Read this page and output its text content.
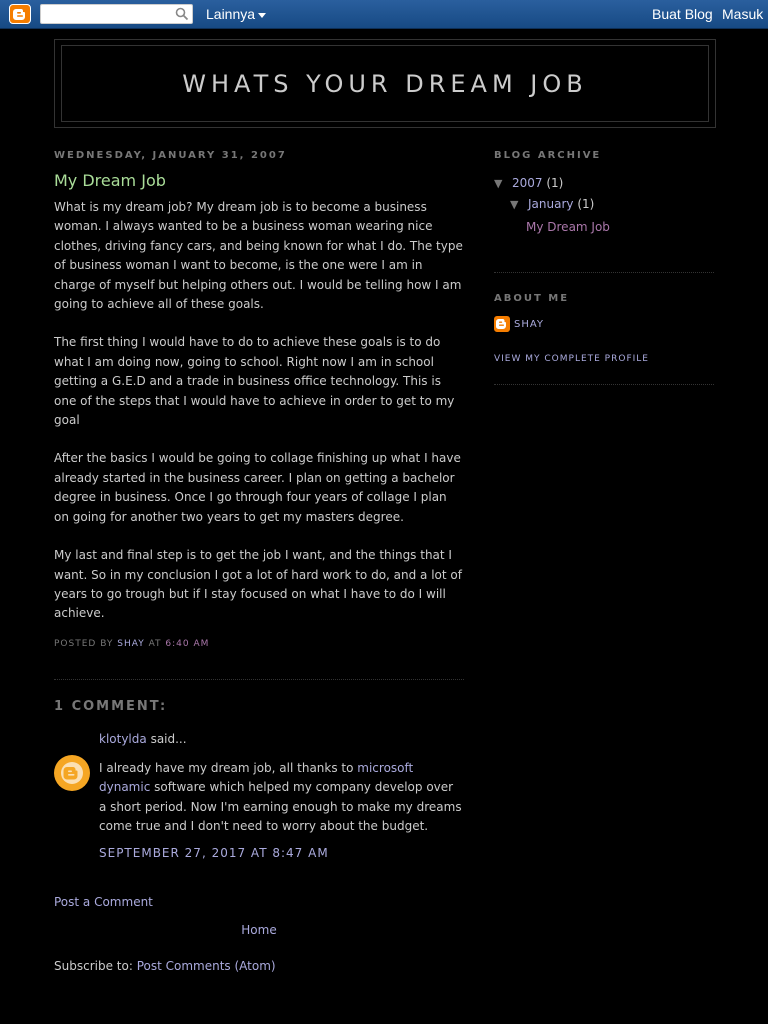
Lainnya	Buat Blog Masuk
WHATS YOUR DREAM JOB
WEDNESDAY, JANUARY 31, 2007
My Dream Job

What is my dream job? My dream job is to become a business woman. I always wanted to be a business woman wearing nice clothes, driving fancy cars, and being known for what I do. The type of business woman I want to become, is the one were I am in charge of myself but helping others out. I would be telling how I am going to achieve all of these goals.

The first thing I would have to do to achieve these goals is to do what I am doing now, going to school. Right now I am in school getting a G.E.D and a trade in business office technology. This is one of the steps that I would have to achieve in order to get to my goal

After the basics I would be going to collage finishing up what I have already started in the business career. I plan on getting a bachelor degree in business. Once I go through four years of collage I plan on going for another two years to get my masters degree.

My last and final step is to get the job I want, and the things that I want. So in my conclusion I got a lot of hard work to do, and a lot of years to go trough but if I stay focused on what I have to do I will achieve.

POSTED BY SHAY AT 6:40 AM
1 COMMENT:
klotylda said...
I already have my dream job, all thanks to microsoft dynamic software which helped my company develop over a short period. Now I'm earning enough to make my dreams come true and I don't need to worry about the budget.
SEPTEMBER 27, 2017 AT 8:47 AM
Post a Comment
Home
Subscribe to: Post Comments (Atom)
BLOG ARCHIVE
▼ 2007 (1)
▼ January (1)
My Dream Job
ABOUT ME
SHAY
VIEW MY COMPLETE PROFILE
